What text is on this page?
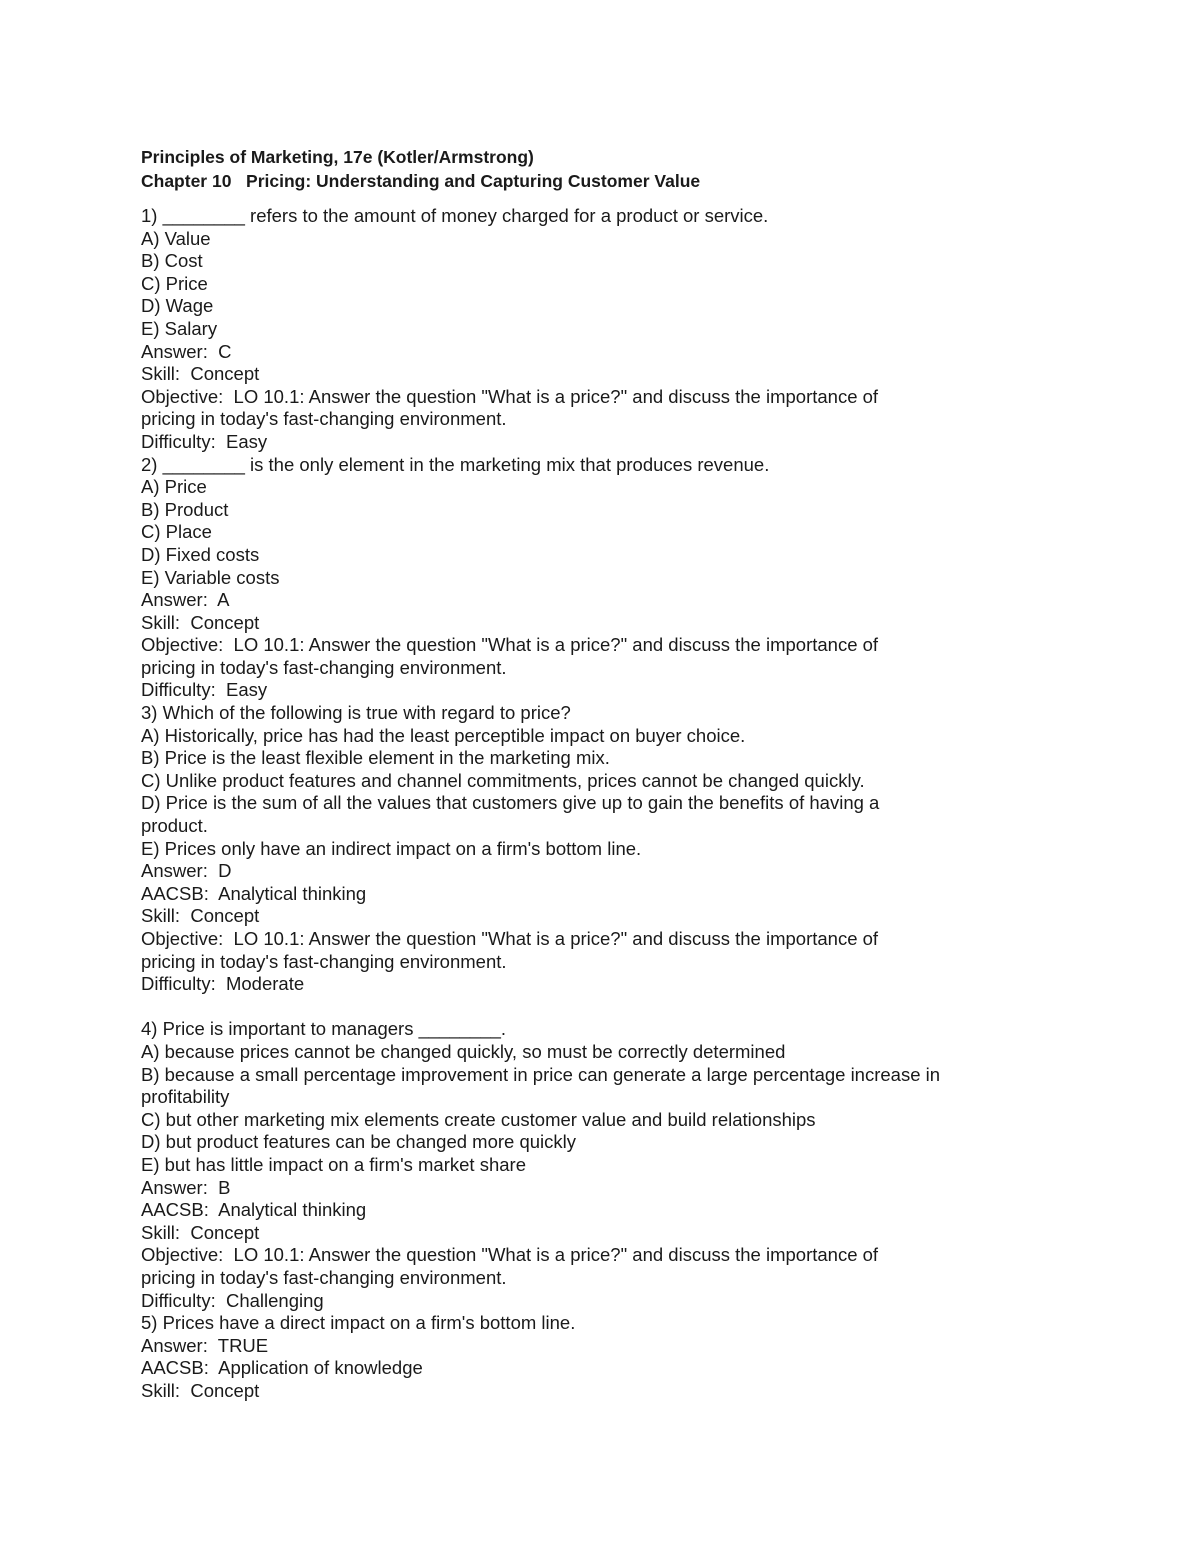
Principles of Marketing, 17e (Kotler/Armstrong)
Chapter 10   Pricing: Understanding and Capturing Customer Value
1) ________ refers to the amount of money charged for a product or service.
A) Value
B) Cost
C) Price
D) Wage
E) Salary
Answer:  C
Skill:  Concept
Objective:  LO 10.1: Answer the question "What is a price?" and discuss the importance of
pricing in today's fast-changing environment.
Difficulty:  Easy
2) ________ is the only element in the marketing mix that produces revenue.
A) Price
B) Product
C) Place
D) Fixed costs
E) Variable costs
Answer:  A
Skill:  Concept
Objective:  LO 10.1: Answer the question "What is a price?" and discuss the importance of
pricing in today's fast-changing environment.
Difficulty:  Easy
3) Which of the following is true with regard to price?
A) Historically, price has had the least perceptible impact on buyer choice.
B) Price is the least flexible element in the marketing mix.
C) Unlike product features and channel commitments, prices cannot be changed quickly.
D) Price is the sum of all the values that customers give up to gain the benefits of having a
product.
E) Prices only have an indirect impact on a firm's bottom line.
Answer:  D
AACSB:  Analytical thinking
Skill:  Concept
Objective:  LO 10.1: Answer the question "What is a price?" and discuss the importance of
pricing in today's fast-changing environment.
Difficulty:  Moderate
4) Price is important to managers ________.
A) because prices cannot be changed quickly, so must be correctly determined
B) because a small percentage improvement in price can generate a large percentage increase in
profitability
C) but other marketing mix elements create customer value and build relationships
D) but product features can be changed more quickly
E) but has little impact on a firm's market share
Answer:  B
AACSB:  Analytical thinking
Skill:  Concept
Objective:  LO 10.1: Answer the question "What is a price?" and discuss the importance of
pricing in today's fast-changing environment.
Difficulty:  Challenging
5) Prices have a direct impact on a firm's bottom line.
Answer:  TRUE
AACSB:  Application of knowledge
Skill:  Concept
